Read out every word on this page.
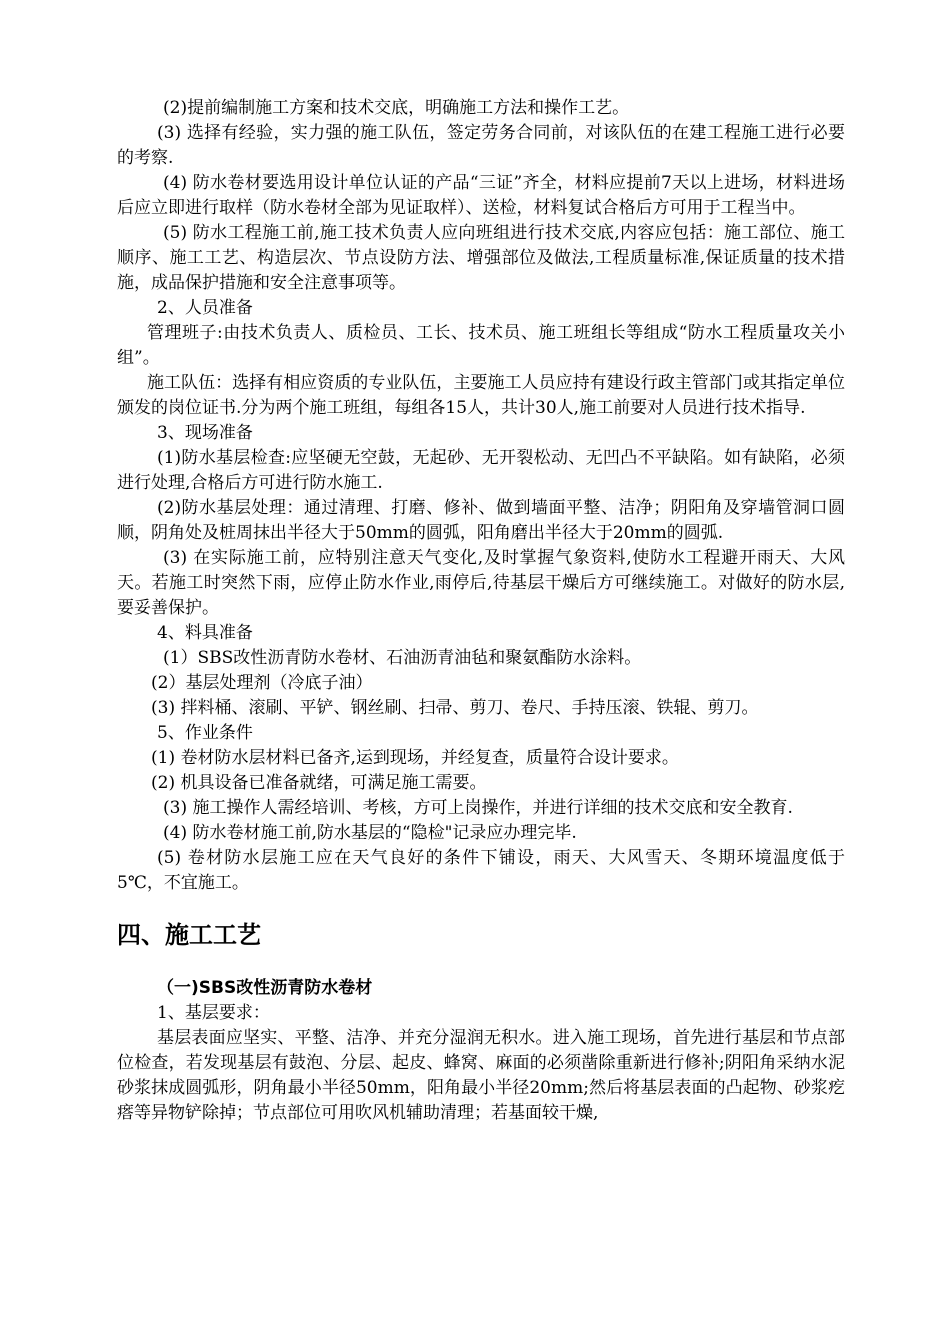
(2)提前编制施工方案和技术交底，明确施工方法和操作工艺。

(3) 选择有经验，实力强的施工队伍，签定劳务合同前，对该队伍的在建工程施工进行必要的考察.

(4) 防水卷材要选用设计单位认证的产品“三证”齐全，材料应提前7天以上进场，材料进场后应立即进行取样（防水卷材全部为见证取样）、送检，材料复试合格后方可用于工程当中。

(5) 防水工程施工前,施工技术负责人应向班组进行技术交底,内容应包括：施工部位、施工顺序、施工工艺、构造层次、节点设防方法、增强部位及做法,工程质量标准,保证质量的技术措施，成品保护措施和安全注意事项等。

2、人员准备

管理班子:由技术负责人、质检员、工长、技术员、施工班组长等组成“防水工程质量攻关小组”。

施工队伍：选择有相应资质的专业队伍，主要施工人员应持有建设行政主管部门或其指定单位颁发的岗位证书.分为两个施工班组，每组各15人，共计30人,施工前要对人员进行技术指导.

3、现场准备

(1)防水基层检查:应坚硬无空鼓，无起砂、无开裂松动、无凹凸不平缺陷。如有缺陷，必须进行处理,合格后方可进行防水施工.

(2)防水基层处理：通过清理、打磨、修补、做到墙面平整、洁净；阴阳角及穿墙管洞口圆顺，阴角处及桩周抹出半径大于50mm的圆弧，阳角磨出半径大于20mm的圆弧.

(3) 在实际施工前，应特别注意天气变化,及时掌握气象资料,使防水工程避开雨天、大风天。若施工时突然下雨，应停止防水作业,雨停后,待基层干燥后方可继续施工。对做好的防水层,要妥善保护。

4、料具准备

(1）SBS改性沥青防水卷材、石油沥青油毡和聚氨酯防水涂料。

(2）基层处理剂（冷底子油）

(3) 拌料桶、滚刷、平铲、钢丝刷、扫帚、剪刀、卷尺、手持压滚、铁辊、剪刀。

5、作业条件

(1) 卷材防水层材料已备齐,运到现场，并经复查，质量符合设计要求。

(2) 机具设备已准备就绪，可满足施工需要。

(3) 施工操作人需经培训、考核，方可上岗操作，并进行详细的技术交底和安全教育.

(4) 防水卷材施工前,防水基层的“隐检"记录应办理完毕.

(5) 卷材防水层施工应在天气良好的条件下铺设，雨天、大风雪天、冬期环境温度低于5℃，不宜施工。

四、施工工艺

（一)SBS改性沥青防水卷材

1、基层要求：

基层表面应坚实、平整、洁净、并充分湿润无积水。进入施工现场，首先进行基层和节点部位检查，若发现基层有鼓泡、分层、起皮、蜂窝、麻面的必须凿除重新进行修补;阴阳角采纳水泥砂浆抹成圆弧形，阴角最小半径50mm，阳角最小半径20mm;然后将基层表面的凸起物、砂浆疙瘩等异物铲除掉；节点部位可用吹风机辅助清理；若基面较干燥,
